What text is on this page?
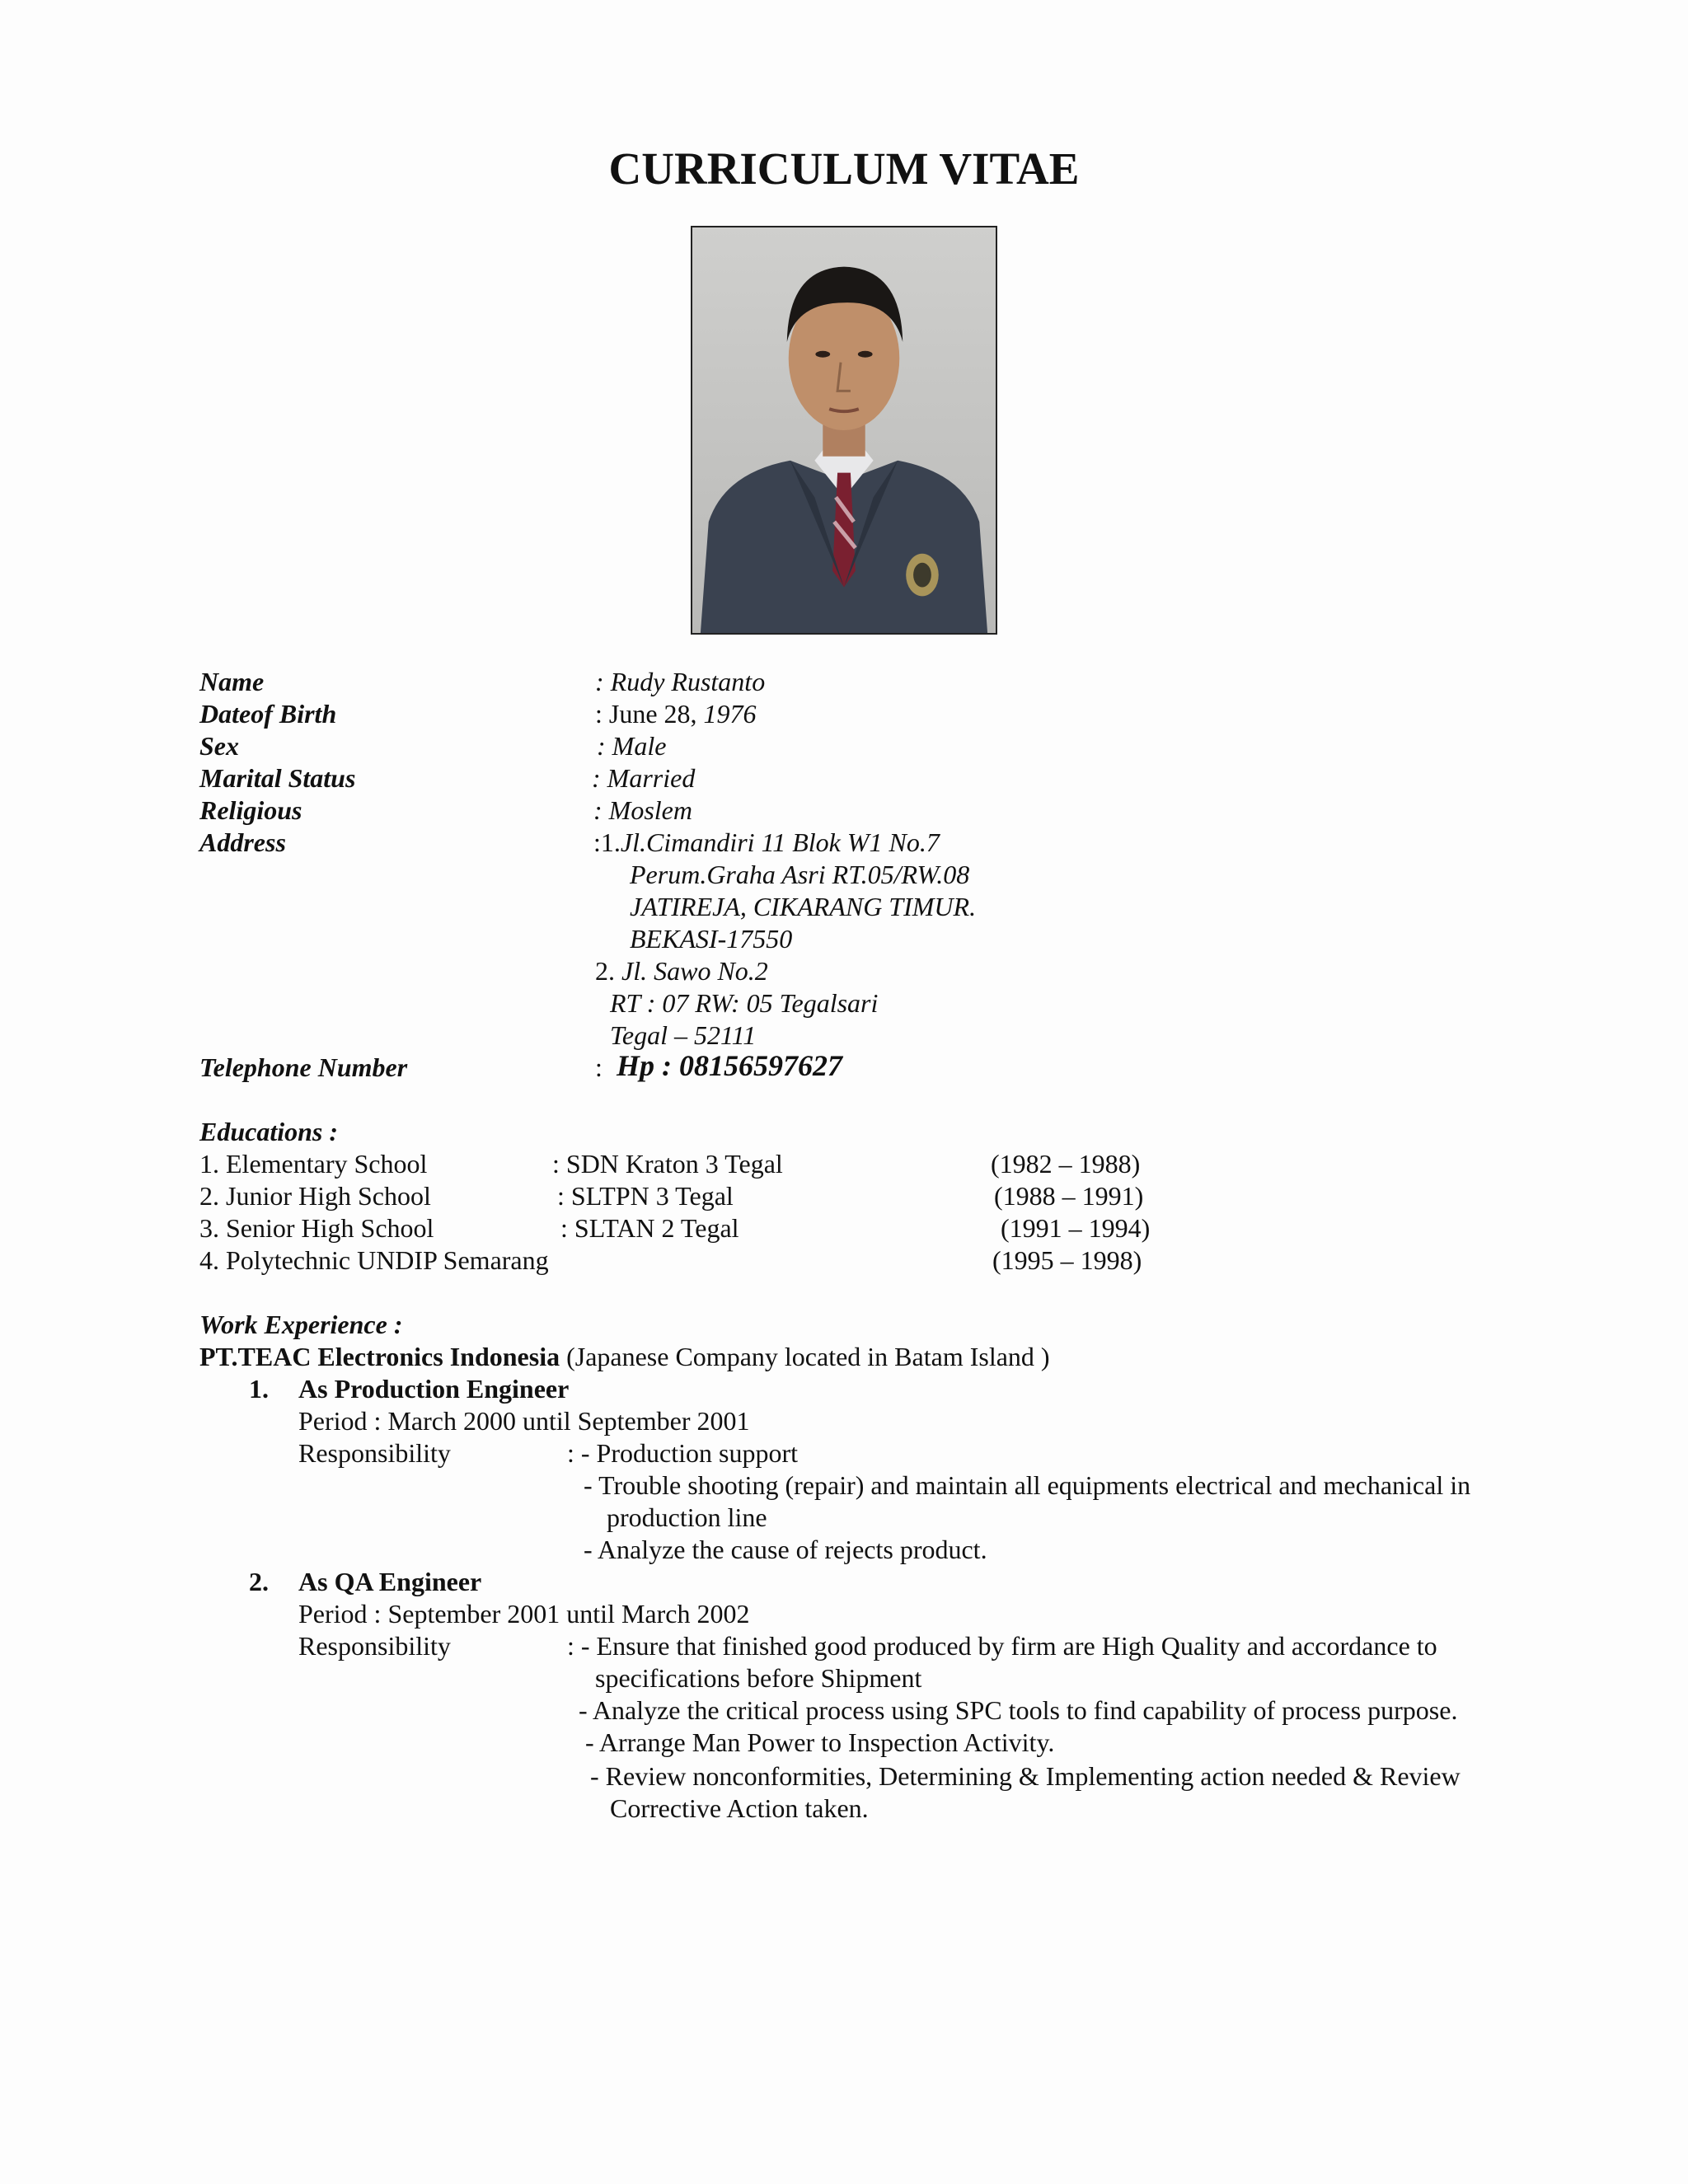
CURRICULUM VITAE
Name	: Rudy Rustanto
Dateof Birth	: June 28, 1976
Sex	: Male
Marital Status	: Married
Religious	: Moslem
Address	:1.Jl.Cimandiri 11 Blok W1 No.7
Perum.Graha Asri RT.05/RW.08
JATIREJA, CIKARANG TIMUR.
BEKASI-17550
2. Jl. Sawo No.2
RT : 07 RW: 05 Tegalsari
Tegal – 52111
Telephone Number	: Hp : 08156597627
Educations :
1. Elementary School	: SDN Kraton 3 Tegal	(1982 – 1988)
2. Junior High School	: SLTPN 3 Tegal	(1988 – 1991)
3. Senior High School	: SLTAN 2 Tegal	(1991 – 1994)
4. Polytechnic UNDIP Semarang	(1995 – 1998)
Work Experience :
PT.TEAC Electronics Indonesia (Japanese Company located in Batam Island )
1. As Production Engineer
Period : March 2000 until September 2001
Responsibility	: - Production support
- Trouble shooting (repair) and maintain all equipments electrical and mechanical in
production line
- Analyze the cause of rejects product.
2. As QA Engineer
Period : September 2001 until March 2002
Responsibility	: - Ensure that finished good produced by firm are High Quality and accordance to
specifications before Shipment
- Analyze the critical process using SPC tools to find capability of process purpose.
- Arrange Man Power to Inspection Activity.
- Review nonconformities, Determining & Implementing action needed & Review
Corrective Action taken.
